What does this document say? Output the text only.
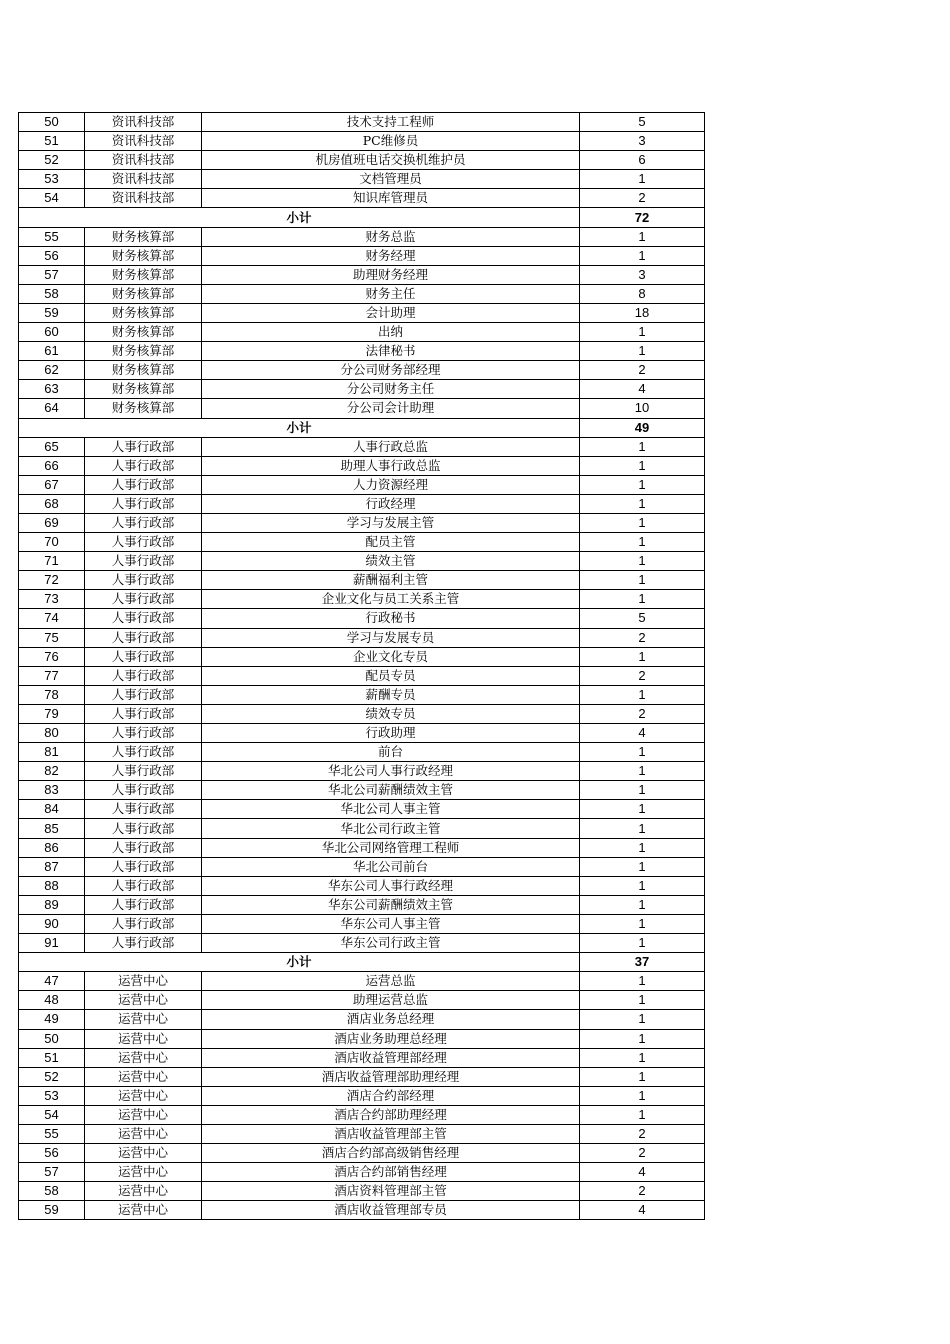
50	资讯科技部	技术支持工程师	5
51	资讯科技部	PC维修员	3
52	资讯科技部	机房值班电话交换机维护员	6
53	资讯科技部	文档管理员	1
54	资讯科技部	知识库管理员	2
小计			72
55	财务核算部	财务总监	1
56	财务核算部	财务经理	1
57	财务核算部	助理财务经理	3
58	财务核算部	财务主任	8
59	财务核算部	会计助理	18
60	财务核算部	出纳	1
61	财务核算部	法律秘书	1
62	财务核算部	分公司财务部经理	2
63	财务核算部	分公司财务主任	4
64	财务核算部	分公司会计助理	10
小计			49
65	人事行政部	人事行政总监	1
66	人事行政部	助理人事行政总监	1
67	人事行政部	人力资源经理	1
68	人事行政部	行政经理	1
69	人事行政部	学习与发展主管	1
70	人事行政部	配员主管	1
71	人事行政部	绩效主管	1
72	人事行政部	薪酬福利主管	1
73	人事行政部	企业文化与员工关系主管	1
74	人事行政部	行政秘书	5
75	人事行政部	学习与发展专员	2
76	人事行政部	企业文化专员	1
77	人事行政部	配员专员	2
78	人事行政部	薪酬专员	1
79	人事行政部	绩效专员	2
80	人事行政部	行政助理	4
81	人事行政部	前台	1
82	人事行政部	华北公司人事行政经理	1
83	人事行政部	华北公司薪酬绩效主管	1
84	人事行政部	华北公司人事主管	1
85	人事行政部	华北公司行政主管	1
86	人事行政部	华北公司网络管理工程师	1
87	人事行政部	华北公司前台	1
88	人事行政部	华东公司人事行政经理	1
89	人事行政部	华东公司薪酬绩效主管	1
90	人事行政部	华东公司人事主管	1
91	人事行政部	华东公司行政主管	1
小计			37
47	运营中心	运营总监	1
48	运营中心	助理运营总监	1
49	运营中心	酒店业务总经理	1
50	运营中心	酒店业务助理总经理	1
51	运营中心	酒店收益管理部经理	1
52	运营中心	酒店收益管理部助理经理	1
53	运营中心	酒店合约部经理	1
54	运营中心	酒店合约部助理经理	1
55	运营中心	酒店收益管理部主管	2
56	运营中心	酒店合约部高级销售经理	2
57	运营中心	酒店合约部销售经理	4
58	运营中心	酒店资料管理部主管	2
59	运营中心	酒店收益管理部专员	4
